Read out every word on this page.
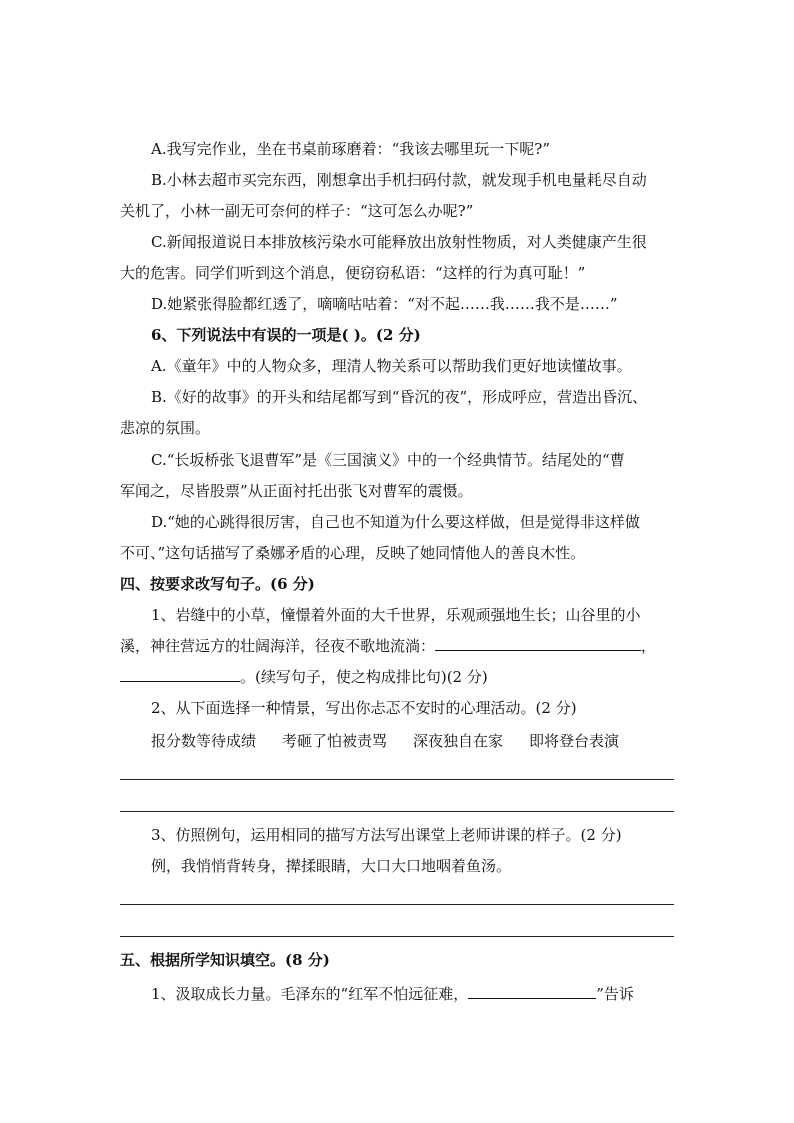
A.我写完作业，坐在书桌前琢磨着：“我该去哪里玩一下呢?”
B.小林去超市买完东西，刚想拿出手机扫码付款，就发现手机电量耗尽自动
关机了，小林一副无可奈何的样子：“这可怎么办呢?”
C.新闻报道说日本排放核污染水可能释放出放射性物质，对人类健康产生很
大的危害。同学们听到这个消息，便窃窃私语：“这样的行为真可耻！”
D.她紧张得脸都红透了，嘀嘀咕咕着：“对不起……我……我不是……”
6、下列说法中有误的一项是( )。(2 分)
A.《童年》中的人物众多，理清人物关系可以帮助我们更好地读懂故事。
B.《好的故事》的开头和结尾都写到“昏沉的夜”，形成呼应，营造出昏沉、
悲凉的氛围。
C.“长坂桥张飞退曹军”是《三国演义》中的一个经典情节。结尾处的“曹
军闻之，尽皆股票”从正面衬托出张飞对曹军的震慑。
D.“她的心跳得很厉害，自己也不知道为什么要这样做，但是觉得非这样做
不可、”这句话描写了桑娜矛盾的心理，反映了她同情他人的善良木性。
四、按要求改写句子。(6 分)
1、岩缝中的小草，憧憬着外面的大千世界，乐观顽强地生长；山谷里的小
溪，神往营远方的壮阔海洋，径夜不歌地流淌：	，
。(续写句子，使之构成排比句)(2 分)
2、从下面选择一种情景，写出你忐忑不安时的心理活动。(2 分)
报分数等待成绩 考砸了怕被责骂 深夜独自在家 即将登台表演
3、仿照例句，运用相同的描写方法写出课堂上老师讲课的样子。(2 分)
例，我悄悄背转身，撵揉眼睛，大口大口地咽着鱼汤。
五、根据所学知识填空。(8 分)
1、汲取成长力量。毛泽东的“红军不怕远征难，	”告诉
